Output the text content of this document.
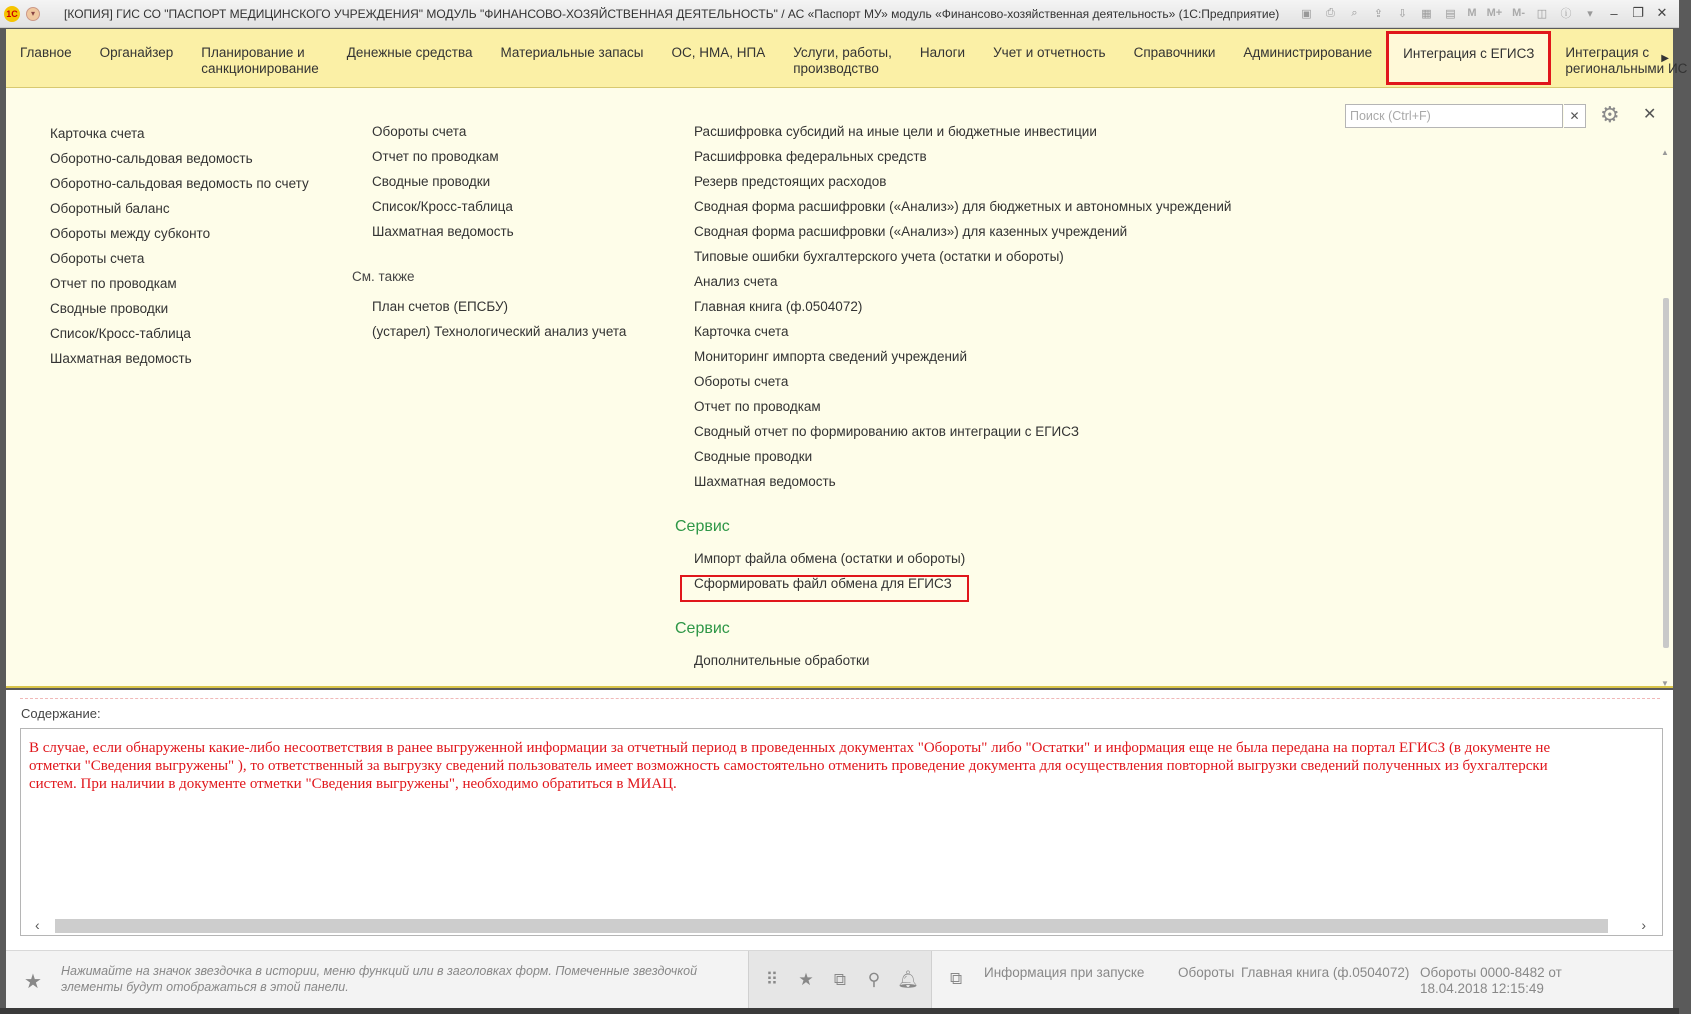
1С	▾	[КОПИЯ] ГИС СО "ПАСПОРТ МЕДИЦИНСКОГО УЧРЕЖДЕНИЯ" МОДУЛЬ "ФИНАНСОВО-ХОЗЯЙСТВЕННАЯ ДЕЯТЕЛЬНОСТЬ" / АС «Паспорт МУ» модуль «Финансово-хозяйственная деятельность» (1С:Предприятие)	▣	⎙	⌕	⇪	⇩	▦	▤	M M+ M-	◫	ⓘ	▾	–	❐ ✕
Главное	Органайзер	Планирование и
санкционирование
Денежные средства	Материальные запасы	ОС, НМА, НПА	Услуги, работы,
производство
Налоги	Учет и отчетность	Справочники	Администрирование	Интеграция с ЕГИСЗ	Интеграция с
региональными ИС
▶
Поиск (Ctrl+F)	✕ ⚙	✕
Карточка счета
Оборотно-сальдовая ведомость
Оборотно-сальдовая ведомость по счету
Оборотный баланс
Обороты между субконто
Обороты счета
Отчет по проводкам
Сводные проводки
Список/Кросс-таблица
Шахматная ведомость
Обороты счета
Отчет по проводкам
Сводные проводки
Список/Кросс-таблица
Шахматная ведомость
См. также
План счетов (ЕПСБУ)
(устарел) Технологический анализ учета
Расшифровка субсидий на иные цели и бюджетные инвестиции
Расшифровка федеральных средств
Резерв предстоящих расходов
Сводная форма расшифровки («Анализ») для бюджетных и автономных учреждений
Сводная форма расшифровки («Анализ») для казенных учреждений
Типовые ошибки бухгалтерского учета (остатки и обороты)
Анализ счета
Главная книга (ф.0504072)
Карточка счета
Мониторинг импорта сведений учреждений
Обороты счета
Отчет по проводкам
Сводный отчет по формированию актов интеграции с ЕГИСЗ
Сводные проводки
Шахматная ведомость
Сервис
Импорт файла обмена (остатки и обороты)
Сформировать файл обмена для ЕГИСЗ
Сервис
Дополнительные обработки
▲
▼
Содержание:
В случае, если обнаружены какие-либо несоответствия в ранее выгруженной информации за отчетный период в проведенных документах "Обороты" либо "Остатки" и информация еще не была передана на портал ЕГИСЗ (в документе не
отметки "Сведения выгружены" ), то ответственный за выгрузку сведений пользователь имеет возможность самостоятельно отменить проведение документа для осуществления повторной выгрузки сведений полученных из бухгалтерски
систем. При наличии в документе отметки "Сведения выгружены", необходимо обратиться в МИАЦ.
‹	›
★ Нажимайте на значок звездочка в истории, меню функций или в заголовках форм. Помеченные звездочкой элементы будут отображаться в этой панели.	⠿	★	⧉	⚲ 🔔︎ ⧉ Информация при запуске Обороты Главная книга (ф.0504072) Обороты 0000-8482 от
18.04.2018 12:15:49
